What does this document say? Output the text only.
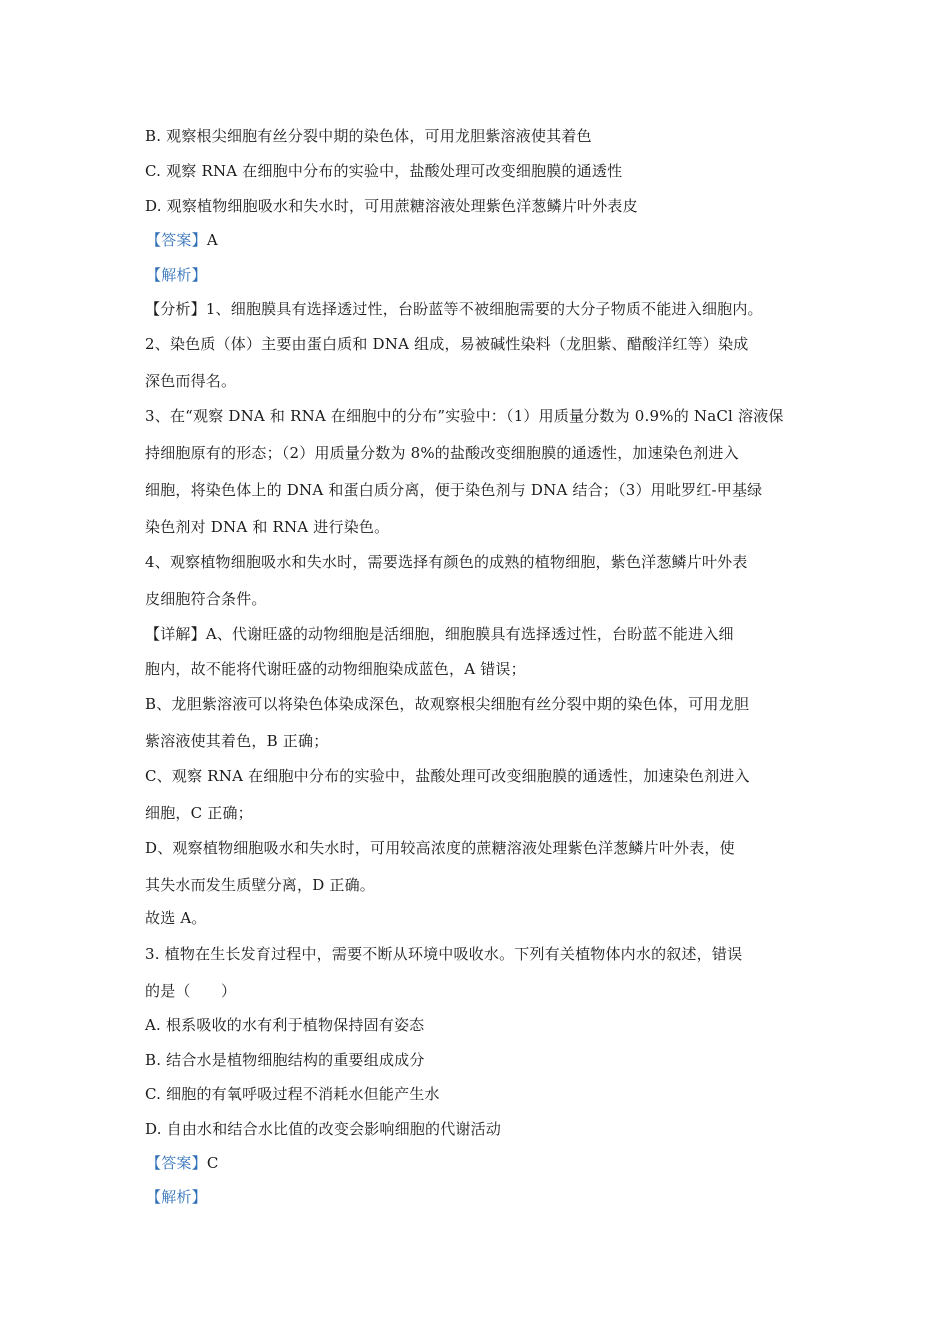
B. 观察根尖细胞有丝分裂中期的染色体，可用龙胆紫溶液使其着色
C. 观察 RNA 在细胞中分布的实验中，盐酸处理可改变细胞膜的通透性
D. 观察植物细胞吸水和失水时，可用蔗糖溶液处理紫色洋葱鳞片叶外表皮
【答案】A
【解析】
【分析】1、细胞膜具有选择透过性，台盼蓝等不被细胞需要的大分子物质不能进入细胞内。
2、染色质（体）主要由蛋白质和 DNA 组成，易被碱性染料（龙胆紫、醋酸洋红等）染成
深色而得名。
3、在“观察 DNA 和 RNA 在细胞中的分布”实验中：（1）用质量分数为 0.9%的 NaCl 溶液保
持细胞原有的形态；（2）用质量分数为 8%的盐酸改变细胞膜的通透性，加速染色剂进入
细胞，将染色体上的 DNA 和蛋白质分离，便于染色剂与 DNA 结合；（3）用吡罗红-甲基绿
染色剂对 DNA 和 RNA 进行染色。
4、观察植物细胞吸水和失水时，需要选择有颜色的成熟的植物细胞，紫色洋葱鳞片叶外表
皮细胞符合条件。
【详解】A、代谢旺盛的动物细胞是活细胞，细胞膜具有选择透过性，台盼蓝不能进入细
胞内，故不能将代谢旺盛的动物细胞染成蓝色，A 错误；
B、龙胆紫溶液可以将染色体染成深色，故观察根尖细胞有丝分裂中期的染色体，可用龙胆
紫溶液使其着色，B 正确；
C、观察 RNA 在细胞中分布的实验中，盐酸处理可改变细胞膜的通透性，加速染色剂进入
细胞，C 正确；
D、观察植物细胞吸水和失水时，可用较高浓度的蔗糖溶液处理紫色洋葱鳞片叶外表，使
其失水而发生质壁分离，D 正确。
故选 A。
3. 植物在生长发育过程中，需要不断从环境中吸收水。下列有关植物体内水的叙述，错误
的是（　　）
A. 根系吸收的水有利于植物保持固有姿态
B. 结合水是植物细胞结构的重要组成成分
C. 细胞的有氧呼吸过程不消耗水但能产生水
D. 自由水和结合水比值的改变会影响细胞的代谢活动
【答案】C
【解析】
